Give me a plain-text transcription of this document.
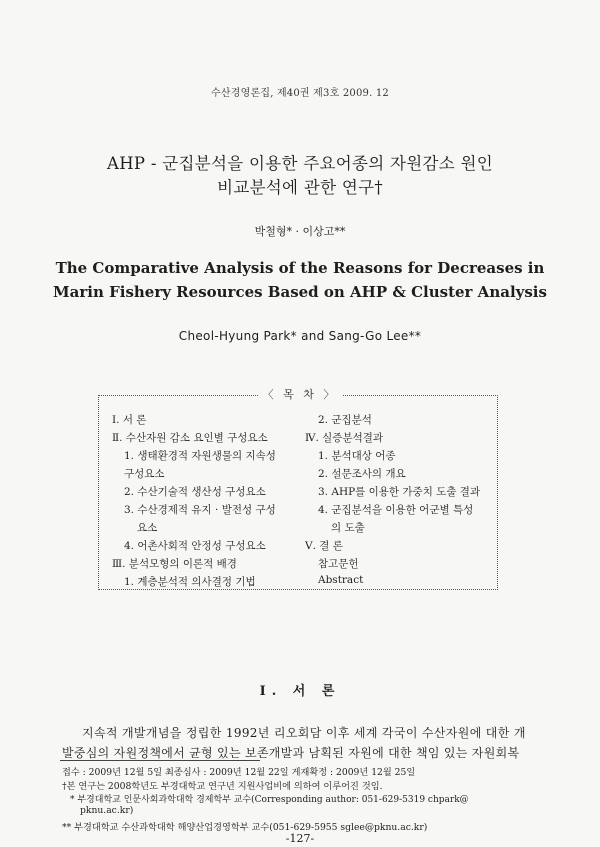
수산경영론집, 제40권 제3호 2009. 12
AHP - 군집분석을 이용한 주요어종의 자원감소 원인
비교분석에 관한 연구†
박철형* · 이상고**
The Comparative Analysis of the Reasons for Decreases in
Marin Fishery Resources Based on AHP & Cluster Analysis
Cheol-Hyung Park* and Sang-Go Lee**
〈 목 차 〉
Ⅰ. 서 론
Ⅱ. 수산자원 감소 요인별 구성요소
1. 생태환경적 자원생물의 지속성
구성요소
2. 수산기술적 생산성 구성요소
3. 수산경제적 유지 · 발전성 구성
요소
4. 어촌사회적 안정성 구성요소
Ⅲ. 분석모형의 이론적 배경
1. 계층분석적 의사결정 기법
2. 군집분석
Ⅳ. 실증분석결과
1. 분석대상 어종
2. 설문조사의 개요
3. AHP를 이용한 가중치 도출 결과
4. 군집분석을 이용한 어군별 특성
의 도출
Ⅴ. 결 론
참고문헌
Abstract
Ⅰ. 서 론
지속적 개발개념을 정립한 1992년 리오회담 이후 세계 각국이 수산자원에 대한 개
발중심의 자원정책에서 균형 있는 보존개발과 남획된 자원에 대한 책임 있는 자원회복
접수 : 2009년 12월 5일 최종심사 : 2009년 12월 22일 게재확정 : 2009년 12월 25일
†본 연구는 2008학년도 부경대학교 연구년 지원사업비에 의하여 이루어진 것임.
* 부경대학교 인문사회과학대학 경제학부 교수(Corresponding author: 051-629-5319 chpark@
pknu.ac.kr)
** 부경대학교 수산과학대학 해양산업경영학부 교수(051-629-5955 sglee@pknu.ac.kr)
-127-
